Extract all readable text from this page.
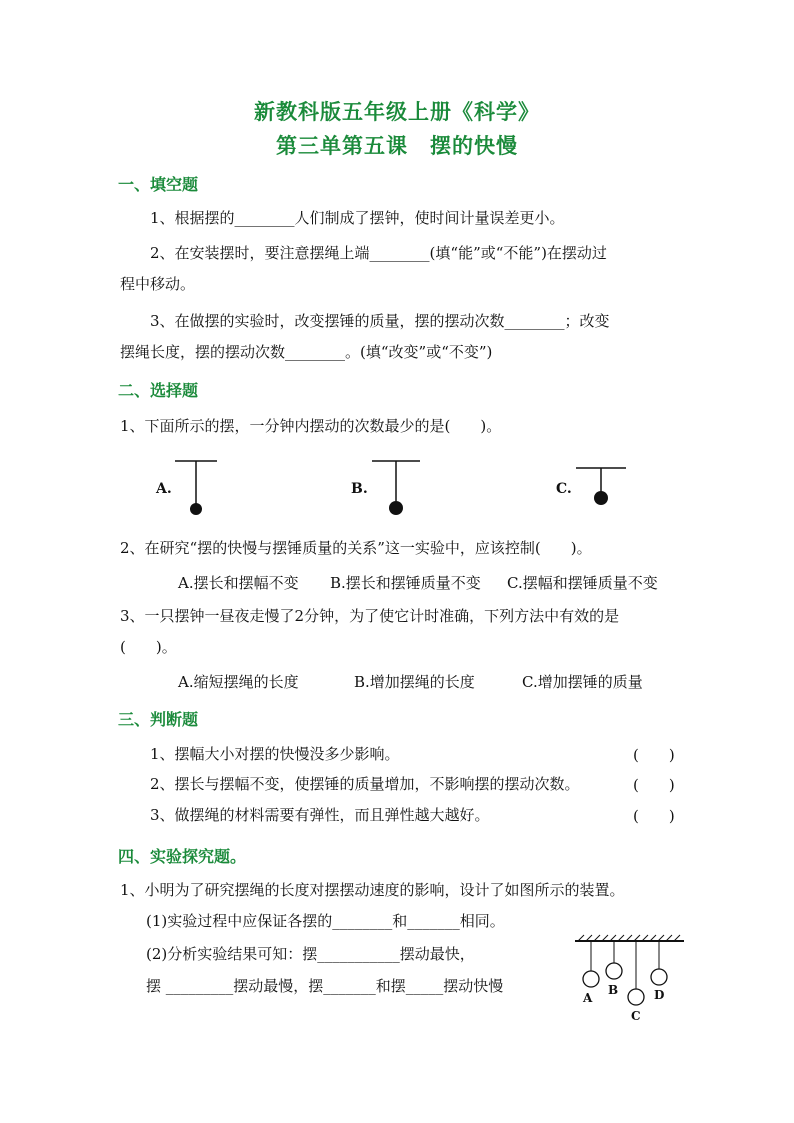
新教科版五年级上册《科学》
第三单第五课　摆的快慢
一、填空题
1、根据摆的________人们制成了摆钟，使时间计量误差更小。
2、在安装摆时，要注意摆绳上端________(填“能”或“不能”)在摆动过
程中移动。
3、在做摆的实验时，改变摆锤的质量，摆的摆动次数________；改变
摆绳长度，摆的摆动次数________。(填“改变”或“不变”)
二、选择题
1、下面所示的摆，一分钟内摆动的次数最少的是(　　)。
A.	B.	C.
2、在研究“摆的快慢与摆锤质量的关系”这一实验中，应该控制(　　)。
A.摆长和摆幅不变 B.摆长和摆锤质量不变 C.摆幅和摆锤质量不变
3、一只摆钟一昼夜走慢了2分钟，为了使它计时准确，下列方法中有效的是
(　　)。
A.缩短摆绳的长度	B.增加摆绳的长度	C.增加摆锤的质量
三、判断题
1、摆幅大小对摆的快慢没多少影响。	(　　)
2、摆长与摆幅不变，使摆锤的质量增加，不影响摆的摆动次数。	(　　)
3、做摆绳的材料需要有弹性，而且弹性越大越好。	(　　)
四、实验探究题。
1、小明为了研究摆绳的长度对摆摆动速度的影响，设计了如图所示的装置。
(1)实验过程中应保证各摆的________和_______相同。
(2)分析实验结果可知：摆___________摆动最快，
摆 _________摆动最慢，摆_______和摆_____摆动快慢
A
B
C
D
